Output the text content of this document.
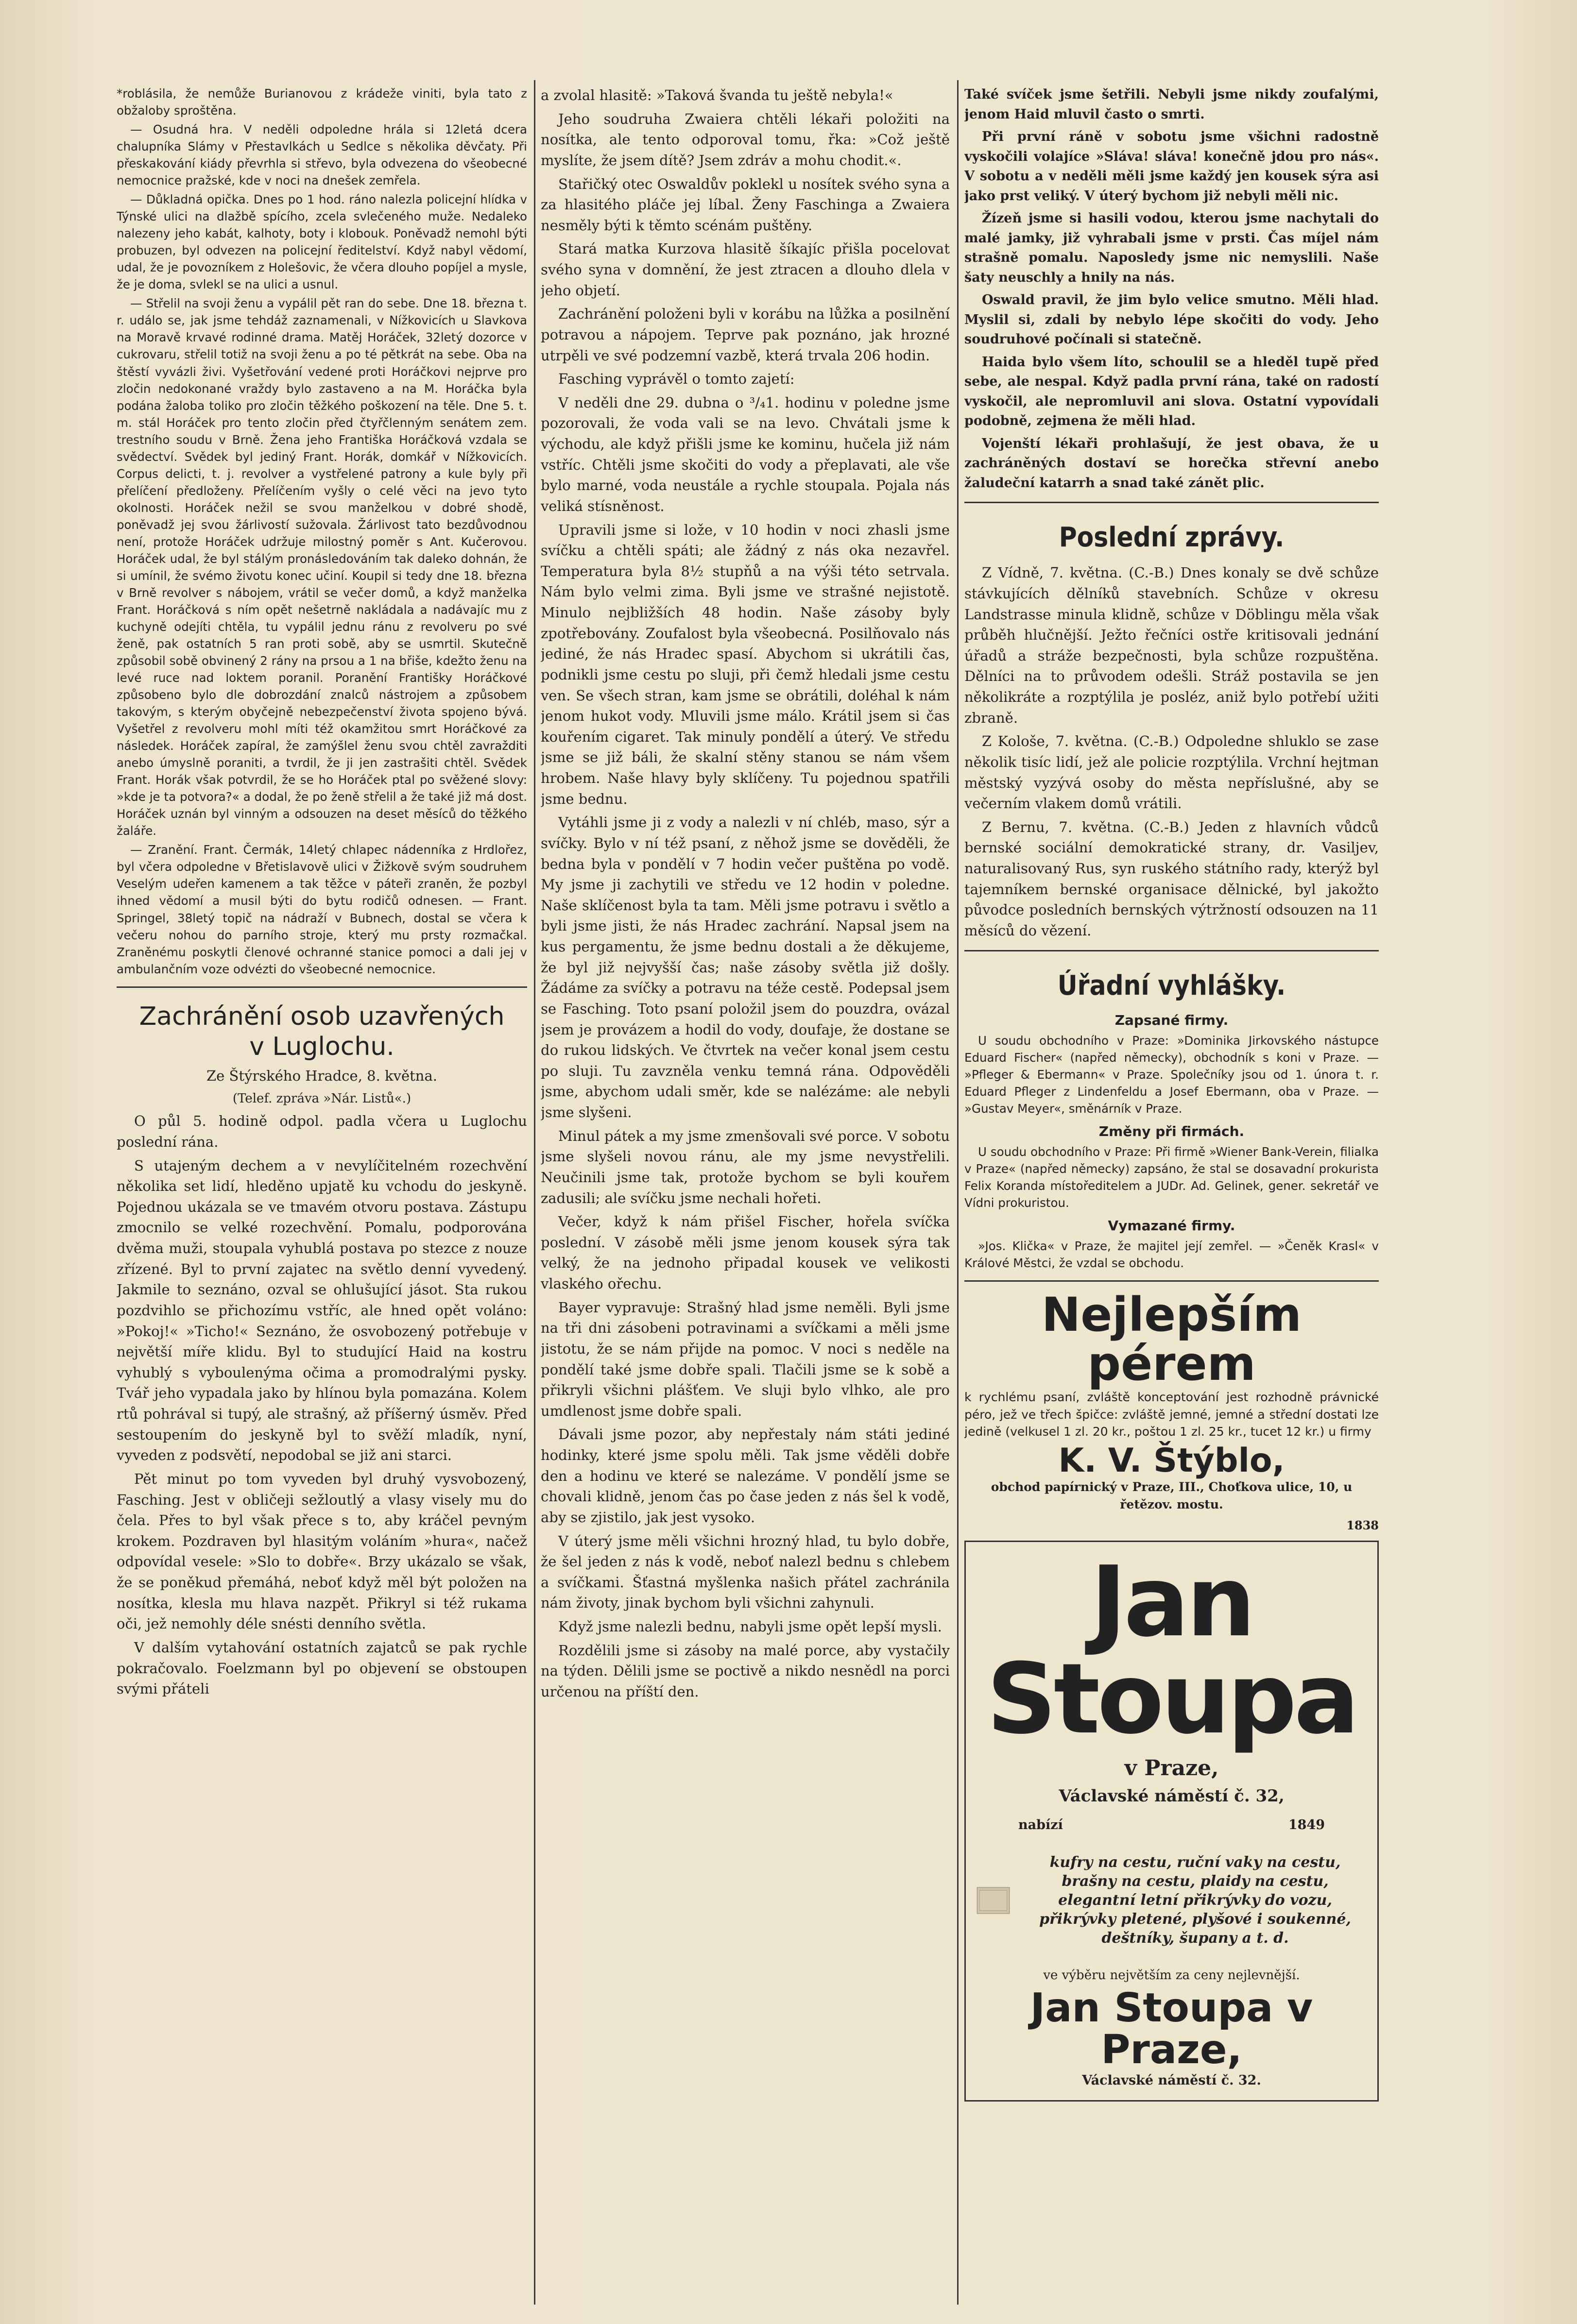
*roblásila, že nemůže Burianovou z krádeže viniti, byla tato z obžaloby sproštěna.

— Osudná hra. V neděli odpoledne hrála si 12letá dcera chalupníka Slámy v Přestavlkách u Sedlce s několika děvčaty. Při přeskakování kiády převrhla si střevo, byla odvezena do všeobecné nemocnice pražské, kde v noci na dnešek zemřela.

— Důkladná opička. Dnes po 1 hod. ráno nalezla policejní hlídka v Týnské ulici na dlažbě spícího, zcela svlečeného muže. Nedaleko nalezeny jeho kabát, kalhoty, boty i klobouk. Poněvadž nemohl býti probuzen, byl odvezen na policejní ředitelství. Když nabyl vědomí, udal, že je povozníkem z Holešovic, že včera dlouho popíjel a mysle, že je doma, svlekl se na ulici a usnul.

— Střelil na svoji ženu a vypálil pět ran do sebe. Dne 18. března t. r. událo se, jak jsme tehdáž zaznamenali, v Nížkovicích u Slavkova na Moravě krvavé rodinné drama. Matěj Horáček, 32letý dozorce v cukrovaru, střelil totiž na svoji ženu a po té pětkrát na sebe. Oba na štěstí vyvázli živi. Vyšetřování vedené proti Horáčkovi nejprve pro zločin nedokonané vraždy bylo zastaveno a na M. Horáčka byla podána žaloba toliko pro zločin těžkého poškození na těle. Dne 5. t. m. stál Horáček pro tento zločin před čtyřčlenným senátem zem. trestního soudu v Brně. Žena jeho Františka Horáčková vzdala se svědectví. Svědek byl jediný Frant. Horák, domkář v Nížkovicích. Corpus delicti, t. j. revolver a vystřelené patrony a kule byly při přelíčení předloženy. Přelíčením vyšly o celé věci na jevo tyto okolnosti. Horáček nežil se svou manželkou v dobré shodě, poněvadž jej svou žárlivostí sužovala. Žárlivost tato bezdůvodnou není, protože Horáček udržuje milostný poměr s Ant. Kučerovou. Horáček udal, že byl stálým pronásledováním tak daleko dohnán, že si umínil, že svémo životu konec učiní. Koupil si tedy dne 18. března v Brně revolver s nábojem, vrátil se večer domů, a když manželka Frant. Horáčková s ním opět nešetrně nakládala a nadávajíc mu z kuchyně odejíti chtěla, tu vypálil jednu ránu z revolveru po své ženě, pak ostatních 5 ran proti sobě, aby se usmrtil. Skutečně způsobil sobě obvinený 2 rány na prsou a 1 na břiše, kdežto ženu na levé ruce nad loktem poranil. Poranění Františky Horáčkové způsobeno bylo dle dobrozdání znalců nástrojem a způsobem takovým, s kterým obyčejně nebezpečenství života spojeno bývá. Vyšetřel z revolveru mohl míti též okamžitou smrt Horáčkové za následek. Horáček zapíral, že zamýšlel ženu svou chtěl zavražditi anebo úmyslně poraniti, a tvrdil, že ji jen zastrašiti chtěl. Svědek Frant. Horák však potvrdil, že se ho Horáček ptal po svěžené slovy: »kde je ta potvora?« a dodal, že po ženě střelil a že také již má dost. Horáček uznán byl vinným a odsouzen na deset měsíců do těžkého žaláře.

— Zranění. Frant. Čermák, 14letý chlapec nádenníka z Hrdlořez, byl včera odpoledne v Břetislavově ulici v Žižkově svým soudruhem Veselým udeřen kamenem a tak těžce v páteři zraněn, že pozbyl ihned vědomí a musil býti do bytu rodičů odnesen. — Frant. Springel, 38letý topič na nádraží v Bubnech, dostal se včera k večeru nohou do parního stroje, který mu prsty rozmačkal. Zraněnému poskytli členové ochranné stanice pomoci a dali jej v ambulančním voze odvézti do všeobecné nemocnice.

Zachránění osob uzavřených
v Luglochu.

Ze Štýrského Hradce, 8. května.

(Telef. zpráva »Nár. Listů«.)

O půl 5. hodině odpol. padla včera u Luglochu poslední rána.

S utajeným dechem a v nevylíčitelném rozechvění několika set lidí, hleděno upjatě ku vchodu do jeskyně. Pojednou ukázala se ve tmavém otvoru postava. Zástupu zmocnilo se velké rozechvění. Pomalu, podporována dvěma muži, stoupala vyhublá postava po stezce z nouze zřízené. Byl to první zajatec na světlo denní vyvedený. Jakmile to seznáno, ozval se ohlušující jásot. Sta rukou pozdvihlo se přichozímu vstříc, ale hned opět voláno: »Pokoj!« »Ticho!« Seznáno, že osvobozený potřebuje v největší míře klidu. Byl to studující Haid na kostru vyhublý s vyboulenýma očima a promodralými pysky. Tvář jeho vypadala jako by hlínou byla pomazána. Kolem rtů pohrával si tupý, ale strašný, až příšerný úsměv. Před sestoupením do jeskyně byl to svěží mladík, nyní, vyveden z podsvětí, nepodobal se již ani starci.

Pět minut po tom vyveden byl druhý vysvobozený, Fasching. Jest v obličeji sežloutlý a vlasy visely mu do čela. Přes to byl však přece s to, aby kráčel pevným krokem. Pozdraven byl hlasitým voláním »hura«, načež odpovídal vesele: »Slo to dobře«. Brzy ukázalo se však, že se poněkud přemáhá, neboť když měl být položen na nosítka, klesla mu hlava nazpět. Přikryl si též rukama oči, jež nemohly déle snésti denního světla.

V dalším vytahování ostatních zajatců se pak rychle pokračovalo. Foelzmann byl po objevení se obstoupen svými přáteli

a zvolal hlasitě: »Taková švanda tu ještě nebyla!«

Jeho soudruha Zwaiera chtěli lékaři položiti na nosítka, ale tento odporoval tomu, řka: »Což ještě myslíte, že jsem dítě? Jsem zdráv a mohu chodit.«.

Stařičký otec Oswaldův poklekl u nosítek svého syna a za hlasitého pláče jej líbal. Ženy Faschinga a Zwaiera nesměly býti k těmto scénám puštěny.

Stará matka Kurzova hlasitě šíkajíc přišla pocelovat svého syna v domnění, že jest ztracen a dlouho dlela v jeho objetí.

Zachránění položeni byli v korábu na lůžka a posilnění potravou a nápojem. Teprve pak poznáno, jak hrozné utrpěli ve své podzemní vazbě, která trvala 206 hodin.

Fasching vyprávěl o tomto zajetí:

V neděli dne 29. dubna o ³/₄1. hodinu v poledne jsme pozorovali, že voda vali se na levo. Chvátali jsme k východu, ale když přišli jsme ke kominu, hučela již nám vstříc. Chtěli jsme skočiti do vody a přeplavati, ale vše bylo marné, voda neustále a rychle stoupala. Pojala nás veliká stísněnost.

Upravili jsme si lože, v 10 hodin v noci zhasli jsme svíčku a chtěli spáti; ale žádný z nás oka nezavřel. Temperatura byla 8½ stupňů a na výši této setrvala. Nám bylo velmi zima. Byli jsme ve strašné nejistotě. Minulo nejbližších 48 hodin. Naše zásoby byly zpotřebovány. Zoufalost byla všeobecná. Posilňovalo nás jediné, že nás Hradec spasí. Abychom si ukrátili čas, podnikli jsme cestu po sluji, při čemž hledali jsme cestu ven. Se všech stran, kam jsme se obrátili, doléhal k nám jenom hukot vody. Mluvili jsme málo. Krátil jsem si čas kouřením cigaret. Tak minuly pondělí a úterý. Ve středu jsme se již báli, že skalní stěny stanou se nám všem hrobem. Naše hlavy byly sklíčeny. Tu pojednou spatřili jsme bednu.

Vytáhli jsme ji z vody a nalezli v ní chléb, maso, sýr a svíčky. Bylo v ní též psaní, z něhož jsme se dověděli, že bedna byla v pondělí v 7 hodin večer puštěna po vodě. My jsme ji zachytili ve středu ve 12 hodin v poledne. Naše sklíčenost byla ta tam. Měli jsme potravu i světlo a byli jsme jisti, že nás Hradec zachrání. Napsal jsem na kus pergamentu, že jsme bednu dostali a že děkujeme, že byl již nejvyšší čas; naše zásoby světla již došly. Žádáme za svíčky a potravu na téže cestě. Podepsal jsem se Fasching. Toto psaní položil jsem do pouzdra, ovázal jsem je provázem a hodil do vody, doufaje, že dostane se do rukou lidských. Ve čtvrtek na večer konal jsem cestu po sluji. Tu zavzněla venku temná rána. Odpověděli jsme, abychom udali směr, kde se nalézáme: ale nebyli jsme slyšeni.

Minul pátek a my jsme zmenšovali své porce. V sobotu jsme slyšeli novou ránu, ale my jsme nevystřelili. Neučinili jsme tak, protože bychom se byli kouřem zadusili; ale svíčku jsme nechali hořeti.

Večer, když k nám přišel Fischer, hořela svíčka poslední. V zásobě měli jsme jenom kousek sýra tak velký, že na jednoho připadal kousek ve velikosti vlaského ořechu.

Bayer vypravuje: Strašný hlad jsme neměli. Byli jsme na tři dni zásobeni potravinami a svíčkami a měli jsme jistotu, že se nám přijde na pomoc. V noci s neděle na pondělí také jsme dobře spali. Tlačili jsme se k sobě a přikryli všichni plášťem. Ve sluji bylo vlhko, ale pro umdlenost jsme dobře spali.

Dávali jsme pozor, aby nepřestaly nám státi jediné hodinky, které jsme spolu měli. Tak jsme věděli dobře den a hodinu ve které se nalezáme. V pondělí jsme se chovali klidně, jenom čas po čase jeden z nás šel k vodě, aby se zjistilo, jak jest vysoko.

V úterý jsme měli všichni hrozný hlad, tu bylo dobře, že šel jeden z nás k vodě, neboť nalezl bednu s chlebem a svíčkami. Šťastná myšlenka našich přátel zachránila nám životy, jinak bychom byli všichni zahynuli.

Když jsme nalezli bednu, nabyli jsme opět lepší mysli.

Rozdělili jsme si zásoby na malé porce, aby vystačily na týden. Dělili jsme se poctivě a nikdo nesnědl na porci určenou na příští den.

Také svíček jsme šetřili. Nebyli jsme nikdy zoufalými, jenom Haid mluvil často o smrti.

Při první ráně v sobotu jsme všichni radostně vyskočili volajíce »Sláva! sláva! konečně jdou pro nás«. V sobotu a v neděli měli jsme každý jen kousek sýra asi jako prst veliký. V úterý bychom již nebyli měli nic.

Žízeň jsme si hasili vodou, kterou jsme nachytali do malé jamky, již vyhrabali jsme v prsti. Čas míjel nám strašně pomalu. Naposledy jsme nic nemyslili. Naše šaty neuschly a hnily na nás.

Oswald pravil, že jim bylo velice smutno. Měli hlad. Myslil si, zdali by nebylo lépe skočiti do vody. Jeho soudruhové počínali si statečně.

Haida bylo všem líto, schoulil se a hleděl tupě před sebe, ale nespal. Když padla první rána, také on radostí vyskočil, ale nepromluvil ani slova. Ostatní vypovídali podobně, zejmena že měli hlad.

Vojenští lékaři prohlašují, že jest obava, že u zachráněných dostaví se horečka střevní anebo žaludeční katarrh a snad také zánět plic.

Poslední zprávy.

Z Vídně, 7. května. (C.-B.) Dnes konaly se dvě schůze stávkujících dělníků stavebních. Schůze v okresu Landstrasse minula klidně, schůze v Döblingu měla však průběh hlučnější. Ježto řečníci ostře kritisovali jednání úřadů a stráže bezpečnosti, byla schůze rozpuštěna. Dělníci na to průvodem odešli. Stráž postavila se jen několikráte a rozptýlila je posléz, aniž bylo potřebí užiti zbraně.

Z Kološe, 7. května. (C.-B.) Odpoledne shluklo se zase několik tisíc lidí, jež ale policie rozptýlila. Vrchní hejtman městský vyzývá osoby do města nepříslušné, aby se večerním vlakem domů vrátili.

Z Bernu, 7. května. (C.-B.) Jeden z hlavních vůdců bernské sociální demokratické strany, dr. Vasiljev, naturalisovaný Rus, syn ruského státního rady, kterýž byl tajemníkem bernské organisace dělnické, byl jakožto původce posledních bernských výtržností odsouzen na 11 měsíců do vězení.

Úřadní vyhlášky.
Zapsané firmy.

U soudu obchodního v Praze: »Dominika Jirkovského nástupce Eduard Fischer« (napřed německy), obchodník s koni v Praze. — »Pfleger & Ebermann« v Praze. Společníky jsou od 1. února t. r. Eduard Pfleger z Lindenfeldu a Josef Ebermann, oba v Praze. — »Gustav Meyer«, směnárník v Praze.

Změny při firmách.

U soudu obchodního v Praze: Při firmě »Wiener Bank-Verein, filialka v Praze« (napřed německy) zapsáno, že stal se dosavadní prokurista Felix Koranda místoředitelem a JUDr. Ad. Gelinek, gener. sekretář ve Vídni prokuristou.

Vymazané firmy.

»Jos. Klička« v Praze, že majitel její zemřel. — »Čeněk Krasl« v Králové Městci, že vzdal se obchodu.

Nejlepším pérem

k rychlému psaní, zvláště konceptování jest rozhodně právnické péro, jež ve třech špičce: zvláště jemné, jemné a střední dostati lze jedině (velkusel 1 zl. 20 kr., poštou 1 zl. 25 kr., tucet 12 kr.) u firmy

K. V. Štýblo,

obchod papírnický v Praze, III., Choťkova ulice, 10, u řetězov. mostu.

1838

Jan Stoupa
v Praze,
Václavské náměstí č. 32,
nabízí	1849
kufry na cestu, ruční vaky na cestu, brašny na cestu, plaidy na cestu, elegantní letní přikrývky do vozu, přikrývky pletené, plyšové i soukenné, deštníky, šupany a t. d.

ve výběru největším za ceny nejlevnější.

Jan Stoupa v Praze,

Václavské náměstí č. 32.
